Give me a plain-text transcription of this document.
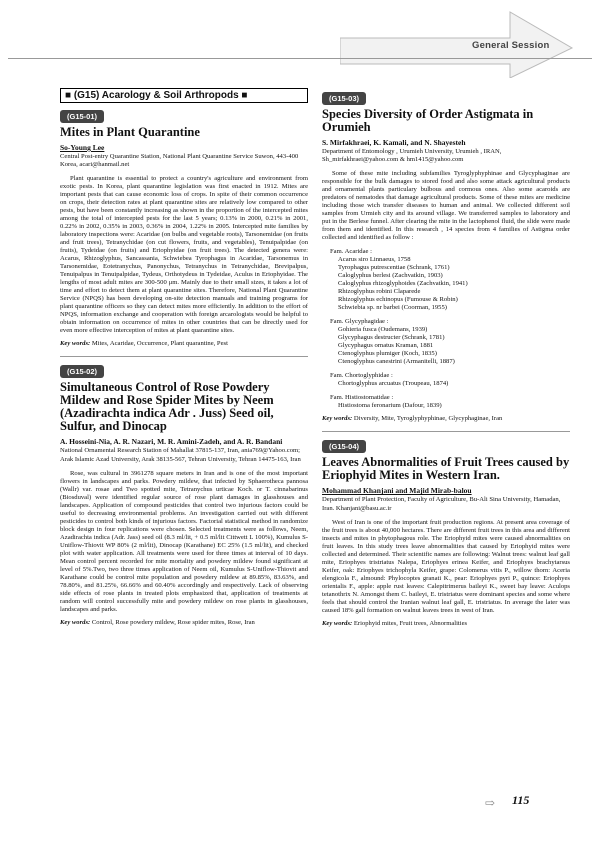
General Session
■ (G15) Acarology & Soil Arthropods ■
(G15-01)
Mites in Plant Quarantine
So-Young Lee
Central Post-entry Quarantine Station, National Plant Quarantine Service Suwon, 443-400 Korea, acari@hanmail.net

Plant quarantine is essential to protect a country's agriculture and environment from exotic pests. In Korea, plant quarantine legislation was first enacted in 1912. Mites are important pests that can cause economic loss of crops. In spite of their common occurrence on crops, their detection rates at plant quarantine sites are relatively low compared to other pests, but have been constantly increasing as shown in the proportion of the intercepted mites among the total of intercepted pests for the last 5 years; 0.13% in 2000, 0.21% in 2001, 0.22% in 2002, 0.35% in 2003, 0.36% in 2004, 1.22% in 2005. Intercepted mite families by laboratory inspections were: Acaridae (on bulbs and vegetable roots), Tarsonemidae (on fruits and fruit trees), Tetranychidae (on cut flowers, fruits, and vegetables), Tenuipalpidae (on fruits), Tydeidae (on fruits) and Eriophyidae (on fruit trees). The detected genera were: Acarus, Rhizoglyphus, Sancassania, Schwiebea Tyrophagus in Acaridae, Tarsonemus in Tarsonemidae, Eotetranychus, Panonychus, Tetranychus in Tetranychidae, Brevipalpus, Tenuipalpus in Tenuipalpidae, Tydeus, Orthotydeus in Tydeidae, Aculus in Eriophyidae. The lengths of most adult mites are 300-500 μm. Mainly due to their small sizes, it takes a lot of time and effort to detect them at plant quarantine sites. Therefore, National Plant Quarantine Service (NPQS) has been developing on-site detection manuals and training programs for plant quarantine officers so they can detect mites more efficiently. In addition to the effort of NPQS, information exchange and cooperation with foreign arcarologists would be helpful to obtain information on occurrence of mites in other countries that can be directly used for even more effective interception of mites at plant quarantine sites.

Key words: Mites, Acaridae, Occurrence, Plant quarantine, Pest

(G15-02)
Simultaneous Control of Rose Powdery Mildew and Rose Spider Mites by Neem (Azadirachta indica Adr . Juss) Seed oil, Sulfur, and Dinocap
A. Hosseini-Nia, A. R. Nazari, M. R. Amini-Zadeh, and A. R. Bandani
National Ornamental Research Station of Mahallat 37815-137, Iran, ania769@Yahoo.com; Arak Islamic Azad University, Arak 38135-567, Tehran University, Tehran 14475-163, Iran

Rose, was cultural in 3961278 square meters in Iran and is one of the most important flowers in landscapes and parks. Powdery mildew, that infected by Sphaerotheca pannosa (Wallr) var. rosae and Two spotted mite, Tetranychus urticae Koch. or T. cinnabarinus (Biosduval) were identified regular source of rose plant damages in glasshouses and landscapes. Application of compound pesticides that control two injurious factors could be useful to decreasing environmental problems. An investigation carried out with different pesticides to control both kinds of injurious factors. Factorial statistical method in randomize block design in four replications were chosen. Selected treatments were as follows, Neem, Azadirachta indica (Adr. Jass) seed oil (8.3 ml/lit, + 0.5 ml/lit Cittwett L 100%), Kumulus S-Uniflow-Thiovit WP 80% (2 ml/lit), Dinocap (Karathane) EC 25% (1.5 ml/lit), and checked plot with water application. All treatments were used for three times at interval of 10 days. Mean control percent recorded for mite mortality and powdery mildew found significant at level of 5%.Two, two three times application of Neem oil, Kumulus S-Uniflow-Thiovit and Karathane could be control mite population and powdery mildew at 89.85%, 83.63%, and 78.80%, and 81.25%, 66.66% and 60.40% accordingly and respectively. Lack of observing side effects of rose plants in treated plots emphasized that, application of treatments at random will control successfully mite and powdery mildew on rose plants in glasshouses, landscapes and parks.

Key words: Control, Rose powdery mildew, Rose spider mites, Rose, Iran

(G15-03)
Species Diversity of Order Astigmata in Orumieh
S. Mirfakhraei, K. Kamali, and N. Shayesteh
Department of Entomology , Urumieh University, Urumieh , IRAN, Sh_mirfakhraei@yahoo.com & hm1415@yahoo.com

Some of these mite including subfamilies Tyroglyphyphinae and Glycyphaginae are responsible for the bulk damages to stored food and also some attack agricultural products and ornamental plants particulary bulbous and cormous ones. Also some acaroids are predators of nematodes that damage agricultural products. Some of these mites are medicine including those wich transfer diseases to human and animal. We collected different soil samples from Urmieh city and its around village. We transferred samples to laboratory and put in the Berlese funnel. After clearing the mite in the lactophenol fluid, the slide were made from them and identified. In this research , 14 species from 4 families of Astigma order collected and identified as follow :

Fam. Acaridae :
Acarus siro Linnaeus, 1758
Tyrophagus putrescentiae (Schrank, 1761)
Caloglyphus berlesi (Zachvatkin, 1903)
Caloglyphus rhizoglyphoides (Zachvatkin, 1941)
Rhizoglyphus robini Claparede
Rhizoglyphus echinopus (Fumouse & Robin)
Schwiebia sp. nr barbei (Coorman, 1955)
Fam. Glycyphagidae :
Gohieria fusca (Oudemans, 1939)
Glycyphagus destructer (Schrank, 1781)
Glycyphagus ornatus Kraman, 1881
Ctenoglyphus plumiger (Koch, 1835)
Ctenoglyphus canestrini (Armanitelli, 1887)
Fam. Chortoglyphidae :
Chortoglyphus arcuatus (Troupeau, 1874)
Fam. Histiostomatidae :
Histiostoma feronarium (Dafour, 1839)

Key words: Diversity, Mite, Tyroglyphyphinae, Glycyphaginae, Iran

(G15-04)
Leaves Abnormalities of Fruit Trees caused by Eriophyid Mites in Western Iran.
Mohammad Khanjani and Majid Mirab-balou
Department of Plant Protection, Faculty of Agriculture, Bu-Ali Sina University, Hamadan, Iran. Khanjani@basu.ac.ir

West of Iran is one of the important fruit production regions. At present area coverage of the fruit trees is about 40,000 hectares. There are different fruit trees in this area and different insects and mites in phytophagous role. The Eriophyid mites were caused abnormalities on fruit leaves. In this study trees leave abnormalities that caused by Eriophyid mites were collected and determined. Their scientific names are following: Walnut trees: walnut leaf gall mite, Eriophyes tristriatus Nalepa, Eriophyes erinea Keifer, and Eriophyes brachytarsus Keifer, oak: Eriophyes trichophyla Keifer, grape: Colomerus vitis P., willow thorn: Aceria elengicola F., almound: Phylocoptes granati K., pear: Eriophyes pyri P., quince: Eriophyes orientalis F., apple: apple rust leaves: Calepitrimerus baileyi K., sweet bay leave: Aculops tetanothrix N. Amongst them C. baileyi, E. tristriatus were dominant species and some where feels that should control the Iranian walnut leaf gall, E. tristriatus. In average the later was caused 18% gall formation on walnut leaves trees in west of Iran.

Key words: Eriophyid mites, Fruit trees, Abnormalities

⇨ 115
